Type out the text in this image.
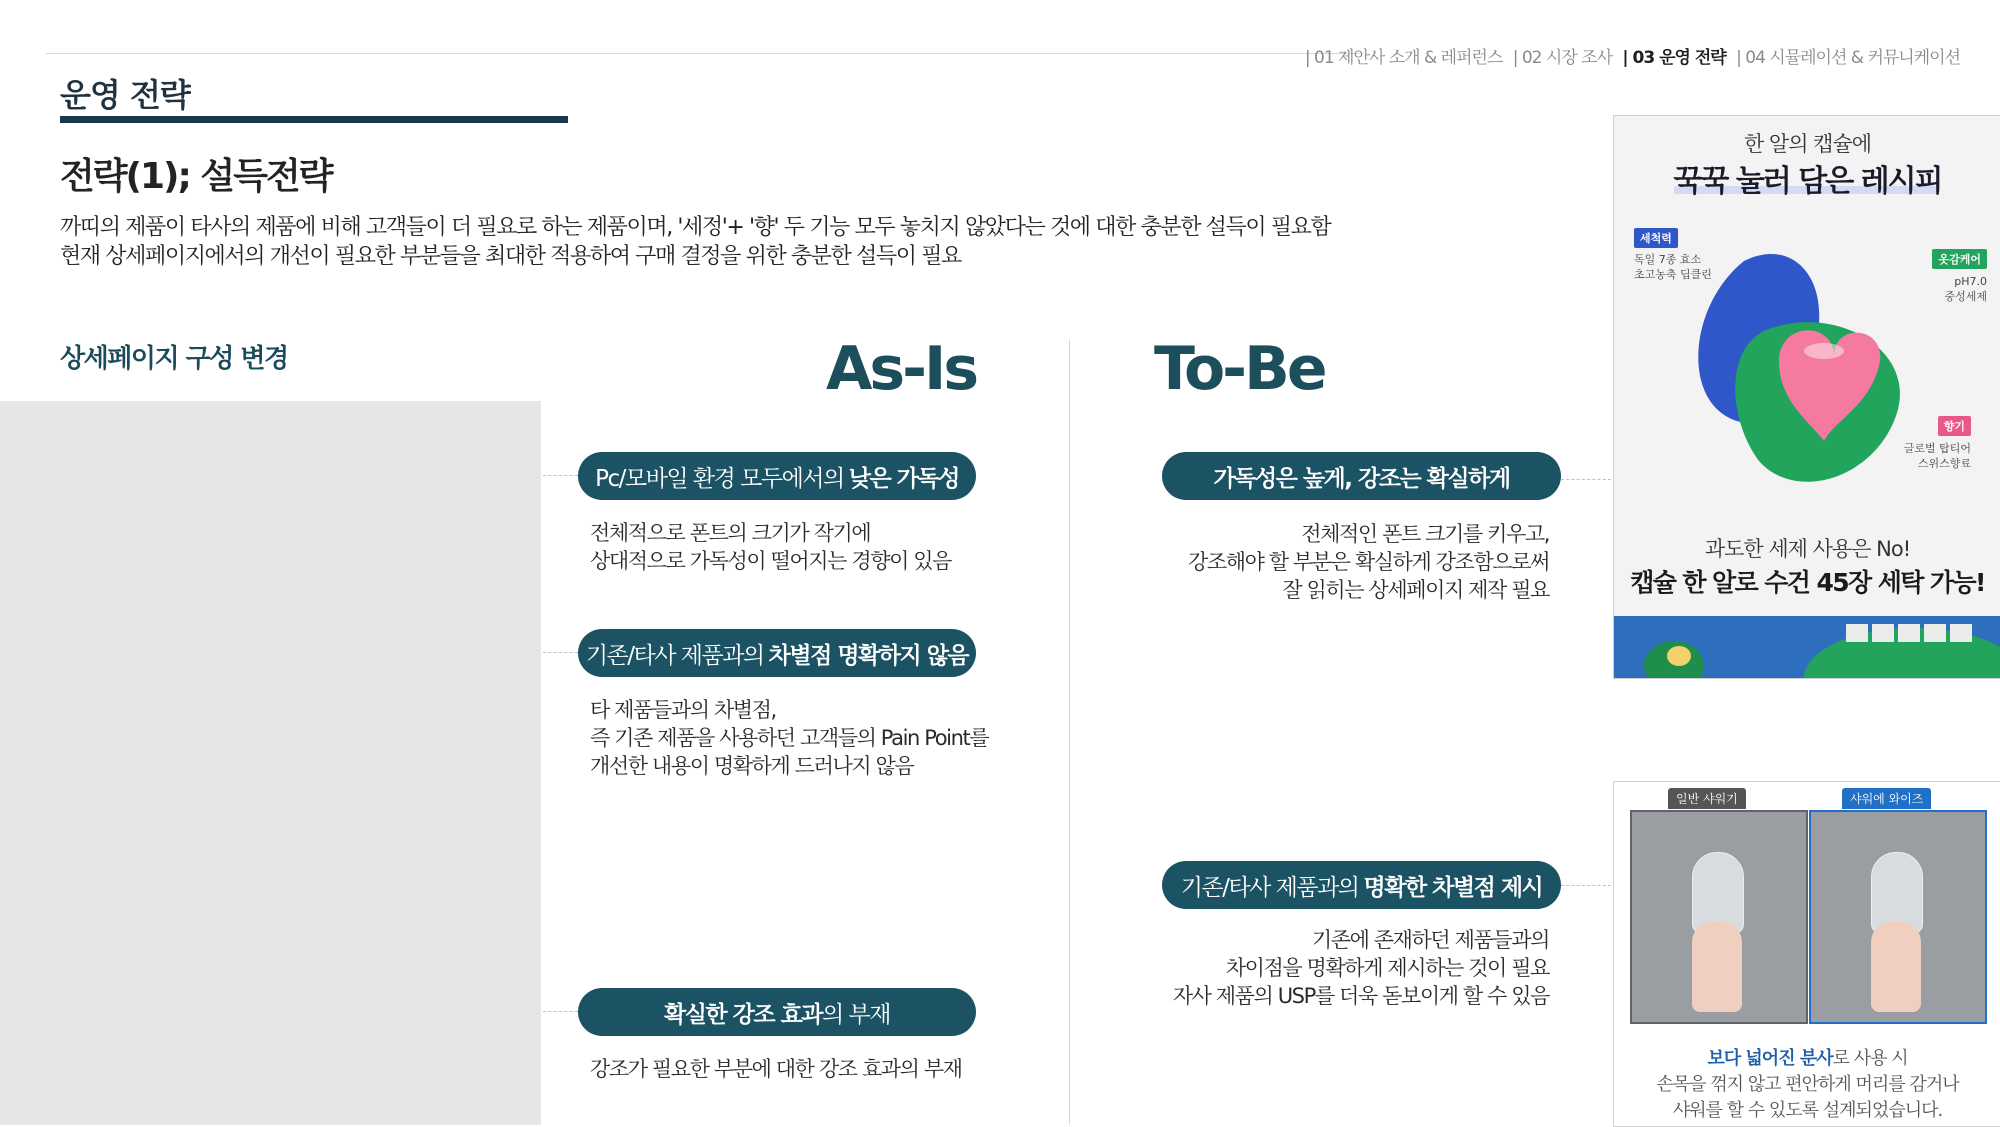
| 01 제안사 소개 & 레퍼런스 | 02 시장 조사 | 03 운영 전략 | 04 시뮬레이션 & 커뮤니케이션
운영 전략
전략(1); 설득전략
까띠의 제품이 타사의 제품에 비해 고객들이 더 필요로 하는 제품이며, '세정'+ '향' 두 기능 모두 놓치지 않았다는 것에 대한 충분한 설득이 필요함
현재 상세페이지에서의 개선이 필요한 부분들을 최대한 적용하여 구매 결정을 위한 충분한 설득이 필요
상세페이지 구성 변경	As-Is	To-Be
Pc/모바일 환경 모두에서의 낮은 가독성
전체적으로 폰트의 크기가 작기에
상대적으로 가독성이 떨어지는 경향이 있음
기존/타사 제품과의 차별점 명확하지 않음
타 제품들과의 차별점,
즉 기존 제품을 사용하던 고객들의 Pain Point를
개선한 내용이 명확하게 드러나지 않음
확실한 강조 효과 의 부재
강조가 필요한 부분에 대한 강조 효과의 부재
가독성은 높게, 강조는 확실하게
전체적인 폰트 크기를 키우고,
강조해야 할 부분은 확실하게 강조함으로써
잘 읽히는 상세페이지 제작 필요
기존/타사 제품과의 명확한 차별점 제시
기존에 존재하던 제품들과의
차이점을 명확하게 제시하는 것이 필요
자사 제품의 USP를 더욱 돋보이게 할 수 있음
한 알의 캡슐에
꾹꾹 눌러 담은 레시피
세척력
독일 7종 효소
초고농축 딥클린
옷감케어
pH7.0
중성세제
향기
글로벌 탑티어
스위스향료
과도한 세제 사용은 No!
캡슐 한 알로 수건 45장 세탁 가능!
일반 샤워기	샤워에 와이즈
보다 넓어진 분사로 사용 시
손목을 꺾지 않고 편안하게 머리를 감거나
샤워를 할 수 있도록 설계되었습니다.
